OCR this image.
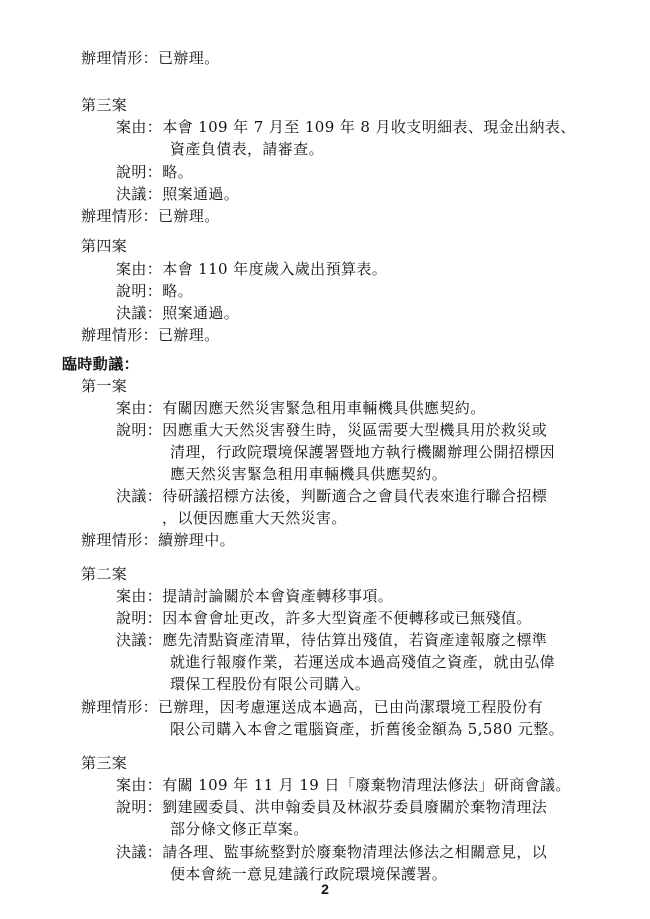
辦理情形：已辦理。
第三案
案由：本會 109 年 7 月至 109 年 8 月收支明細表、現金出納表、
資產負債表，請審查。
說明：略。
決議：照案通過。
辦理情形：已辦理。
第四案
案由：本會 110 年度歲入歲出預算表。
說明：略。
決議：照案通過。
辦理情形：已辦理。
臨時動議：
第一案
案由：有關因應天然災害緊急租用車輛機具供應契約。
說明：因應重大天然災害發生時，災區需要大型機具用於救災或
清理，行政院環境保護署暨地方執行機關辦理公開招標因
應天然災害緊急租用車輛機具供應契約。
決議：待研議招標方法後，判斷適合之會員代表來進行聯合招標
，以便因應重大天然災害。
辦理情形：續辦理中。
第二案
案由：提請討論關於本會資產轉移事項。
說明：因本會會址更改，許多大型資產不便轉移或已無殘值。
決議：應先清點資產清單，待估算出殘值，若資產達報廢之標準
就進行報廢作業，若運送成本過高殘值之資產，就由弘偉
環保工程股份有限公司購入。
辦理情形：已辦理，因考慮運送成本過高，已由尚潔環境工程股份有
限公司購入本會之電腦資產，折舊後金額為 5,580 元整。
第三案
案由：有關 109 年 11 月 19 日「廢棄物清理法修法」研商會議。
說明：劉建國委員、洪申翰委員及林淑芬委員廢關於棄物清理法
部分條文修正草案。
決議：請各理、監事統整對於廢棄物清理法修法之相關意見，以
便本會統一意見建議行政院環境保護署。
2
